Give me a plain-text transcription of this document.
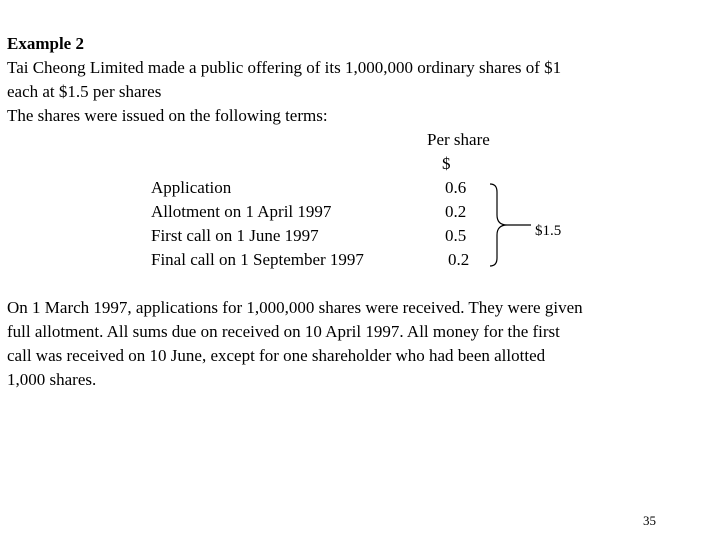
Example 2
Tai Cheong Limited made a public offering of its 1,000,000 ordinary shares of $1
each at $1.5 per shares
The shares were issued on the following terms:
Per share
$
Application	0.6
Allotment on 1 April 1997	0.2
First call on 1 June 1997	0.5
Final call on 1 September 1997	0.2
$1.5
On 1 March 1997, applications for 1,000,000 shares were received. They were given
full allotment. All sums due on received on 10 April 1997. All money for the first
call was received on 10 June, except for one shareholder who had been allotted
1,000 shares.
35
